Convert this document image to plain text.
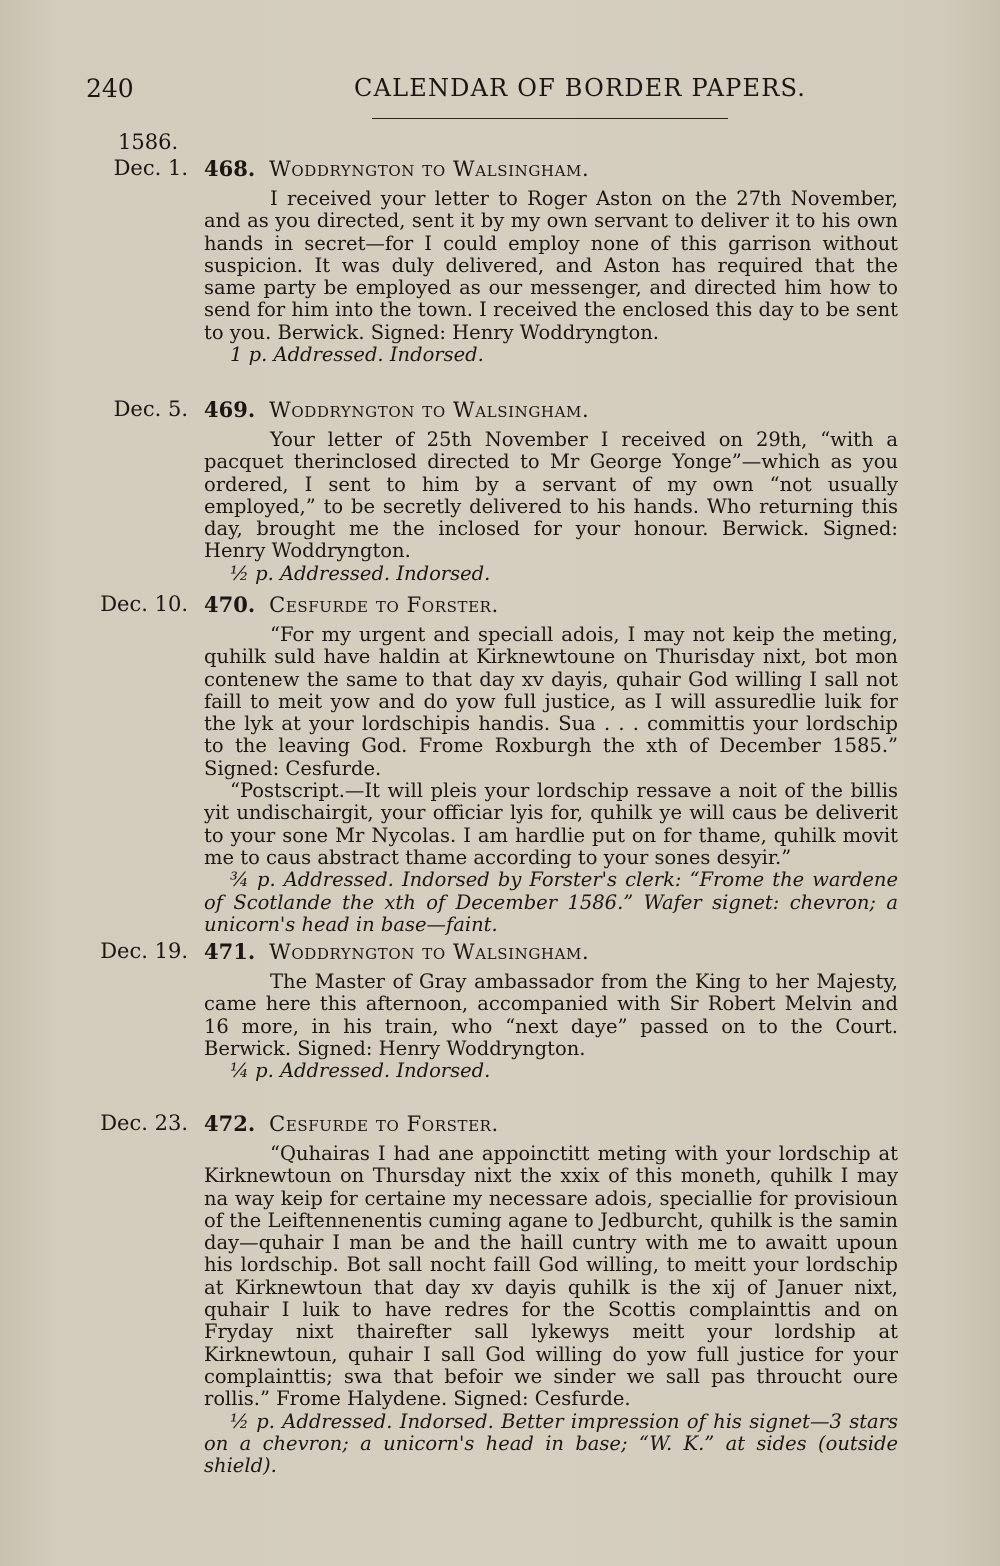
240	CALENDAR OF BORDER PAPERS.
1586.
Dec. 1. 468. Woddryngton to Walsingham.

I received your letter to Roger Aston on the 27th November, and as you directed, sent it by my own servant to deliver it to his own hands in secret—for I could employ none of this garrison without suspicion. It was duly delivered, and Aston has required that the same party be employed as our messenger, and directed him how to send for him into the town. I received the enclosed this day to be sent to you. Berwick. Signed: Henry Woddryngton.

1 p. Addressed. Indorsed.
Dec. 5. 469. Woddryngton to Walsingham.

Your letter of 25th November I received on 29th, “with a pacquet therinclosed directed to Mr George Yonge”—which as you ordered, I sent to him by a servant of my own “not usually employed,” to be secretly delivered to his hands. Who returning this day, brought me the inclosed for your honour. Berwick. Signed: Henry Woddryngton.

½ p. Addressed. Indorsed.
Dec. 10. 470. Cesfurde to Forster.

“For my urgent and speciall adois, I may not keip the meting, quhilk suld have haldin at Kirknewtoune on Thurisday nixt, bot mon contenew the same to that day xv dayis, quhair God willing I sall not faill to meit yow and do yow full justice, as I will assuredlie luik for the lyk at your lordschipis handis. Sua . . . committis your lordschip to the leaving God. Frome Roxburgh the xth of December 1585.” Signed: Cesfurde.

“Postscript.—It will pleis your lordschip ressave a noit of the billis yit undischairgit, your officiar lyis for, quhilk ye will caus be deliverit to your sone Mr Nycolas. I am hardlie put on for thame, quhilk movit me to caus abstract thame according to your sones desyir.”

¾ p. Addressed. Indorsed by Forster's clerk: “Frome the wardene of Scotlande the xth of December 1586.” Wafer signet: chevron; a unicorn's head in base—faint.
Dec. 19. 471. Woddryngton to Walsingham.

The Master of Gray ambassador from the King to her Majesty, came here this afternoon, accompanied with Sir Robert Melvin and 16 more, in his train, who “next daye” passed on to the Court. Berwick. Signed: Henry Woddryngton.

¼ p. Addressed. Indorsed.
Dec. 23. 472. Cesfurde to Forster.

“Quhairas I had ane appoinctitt meting with your lordschip at Kirknewtoun on Thursday nixt the xxix of this moneth, quhilk I may na way keip for certaine my necessare adois, speciallie for provisioun of the Leiftennenentis cuming agane to Jedburcht, quhilk is the samin day—quhair I man be and the haill cuntry with me to awaitt upoun his lordschip. Bot sall nocht faill God willing, to meitt your lordschip at Kirknewtoun that day xv dayis quhilk is the xij of Januer nixt, quhair I luik to have redres for the Scottis complainttis and on Fryday nixt thairefter sall lykewys meitt your lordship at Kirknewtoun, quhair I sall God willing do yow full justice for your complainttis; swa that befoir we sinder we sall pas throucht oure rollis.” Frome Halydene. Signed: Cesfurde.

½ p. Addressed. Indorsed. Better impression of his signet—3 stars on a chevron; a unicorn's head in base; “W. K.” at sides (outside shield).
